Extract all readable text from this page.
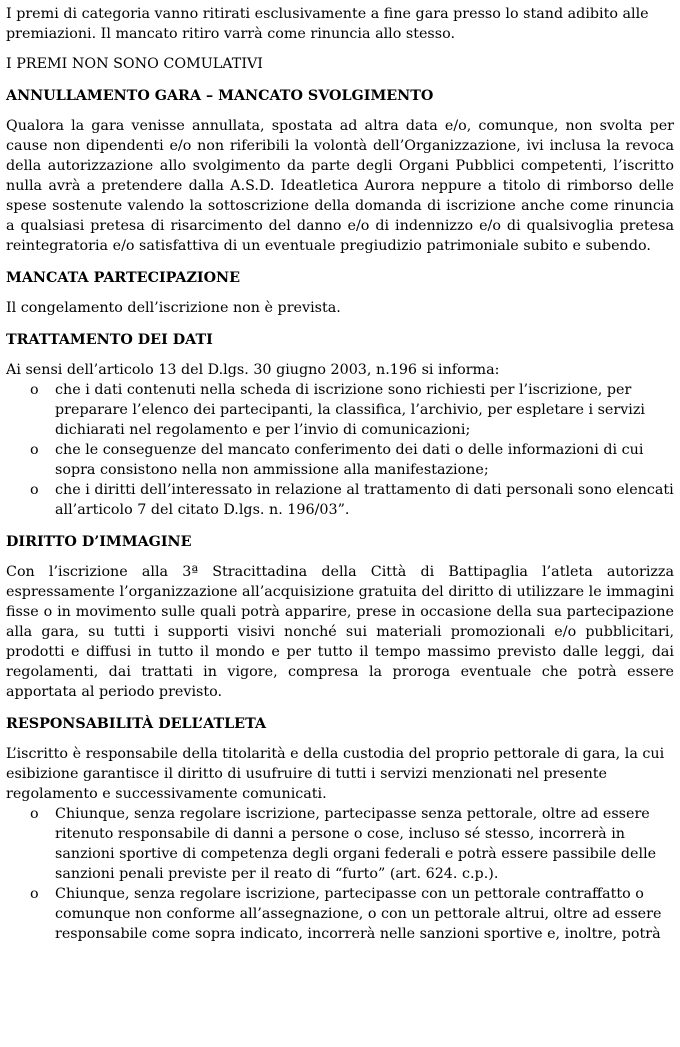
I premi di categoria vanno ritirati esclusivamente a fine gara presso lo stand adibito alle premiazioni. Il mancato ritiro varrà come rinuncia allo stesso.

I PREMI NON SONO COMULATIVI

ANNULLAMENTO GARA – MANCATO SVOLGIMENTO

Qualora la gara venisse annullata, spostata ad altra data e/o, comunque, non svolta per cause non dipendenti e/o non riferibili la volontà dell’Organizzazione, ivi inclusa la revoca della autorizzazione allo svolgimento da parte degli Organi Pubblici competenti, l’iscritto nulla avrà a pretendere dalla A.S.D. Ideatletica Aurora neppure a titolo di rimborso delle spese sostenute valendo la sottoscrizione della domanda di iscrizione anche come rinuncia a qualsiasi pretesa di risarcimento del danno e/o di indennizzo e/o di qualsivoglia pretesa reintegratoria e/o satisfattiva di un eventuale pregiudizio patrimoniale subito e subendo.

MANCATA PARTECIPAZIONE

Il congelamento dell’iscrizione non è prevista.

TRATTAMENTO DEI DATI

Ai sensi dell’articolo 13 del D.lgs. 30 giugno 2003, n.196 si informa:

o che i dati contenuti nella scheda di iscrizione sono richiesti per l’iscrizione, per preparare l’elenco dei partecipanti, la classifica, l’archivio, per espletare i servizi dichiarati nel regolamento e per l’invio di comunicazioni;
o che le conseguenze del mancato conferimento dei dati o delle informazioni di cui sopra consistono nella non ammissione alla manifestazione;
o che i diritti dell’interessato in relazione al trattamento di dati personali sono elencati all’articolo 7 del citato D.lgs. n. 196/03”.
DIRITTO D’IMMAGINE

Con l’iscrizione alla 3ª Stracittadina della Città di Battipaglia l’atleta autorizza espressamente l’organizzazione all’acquisizione gratuita del diritto di utilizzare le immagini fisse o in movimento sulle quali potrà apparire, prese in occasione della sua partecipazione alla gara, su tutti i supporti visivi nonché sui materiali promozionali e/o pubblicitari, prodotti e diffusi in tutto il mondo e per tutto il tempo massimo previsto dalle leggi, dai regolamenti, dai trattati in vigore, compresa la proroga eventuale che potrà essere apportata al periodo previsto.

RESPONSABILITÀ DELL’ATLETA

L’iscritto è responsabile della titolarità e della custodia del proprio pettorale di gara, la cui esibizione garantisce il diritto di usufruire di tutti i servizi menzionati nel presente regolamento e successivamente comunicati.

o Chiunque, senza regolare iscrizione, partecipasse senza pettorale, oltre ad essere ritenuto responsabile di danni a persone o cose, incluso sé stesso, incorrerà in sanzioni sportive di competenza degli organi federali e potrà essere passibile delle sanzioni penali previste per il reato di “furto” (art. 624. c.p.).
o Chiunque, senza regolare iscrizione, partecipasse con un pettorale contraffatto o comunque non conforme all’assegnazione, o con un pettorale altrui, oltre ad essere responsabile come sopra indicato, incorrerà nelle sanzioni sportive e, inoltre, potrà
